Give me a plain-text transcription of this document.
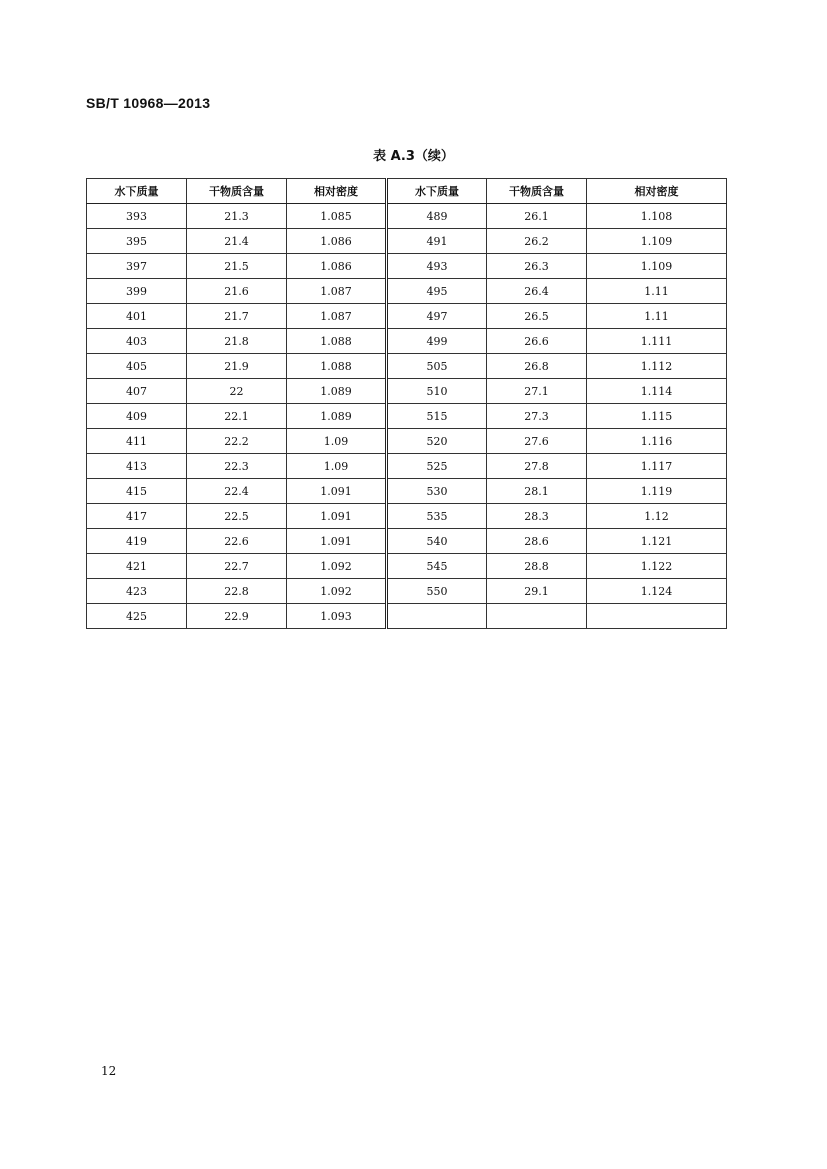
SB/T 10968—2013
表 A.3（续）
水下质量	干物质含量	相对密度	水下质量	干物质含量	相对密度
393	21.3	1.085	489	26.1	1.108
395	21.4	1.086	491	26.2	1.109
397	21.5	1.086	493	26.3	1.109
399	21.6	1.087	495	26.4	1.11
401	21.7	1.087	497	26.5	1.11
403	21.8	1.088	499	26.6	1.111
405	21.9	1.088	505	26.8	1.112
407	22	1.089	510	27.1	1.114
409	22.1	1.089	515	27.3	1.115
411	22.2	1.09	520	27.6	1.116
413	22.3	1.09	525	27.8	1.117
415	22.4	1.091	530	28.1	1.119
417	22.5	1.091	535	28.3	1.12
419	22.6	1.091	540	28.6	1.121
421	22.7	1.092	545	28.8	1.122
423	22.8	1.092	550	29.1	1.124
425	22.9	1.093			
12
